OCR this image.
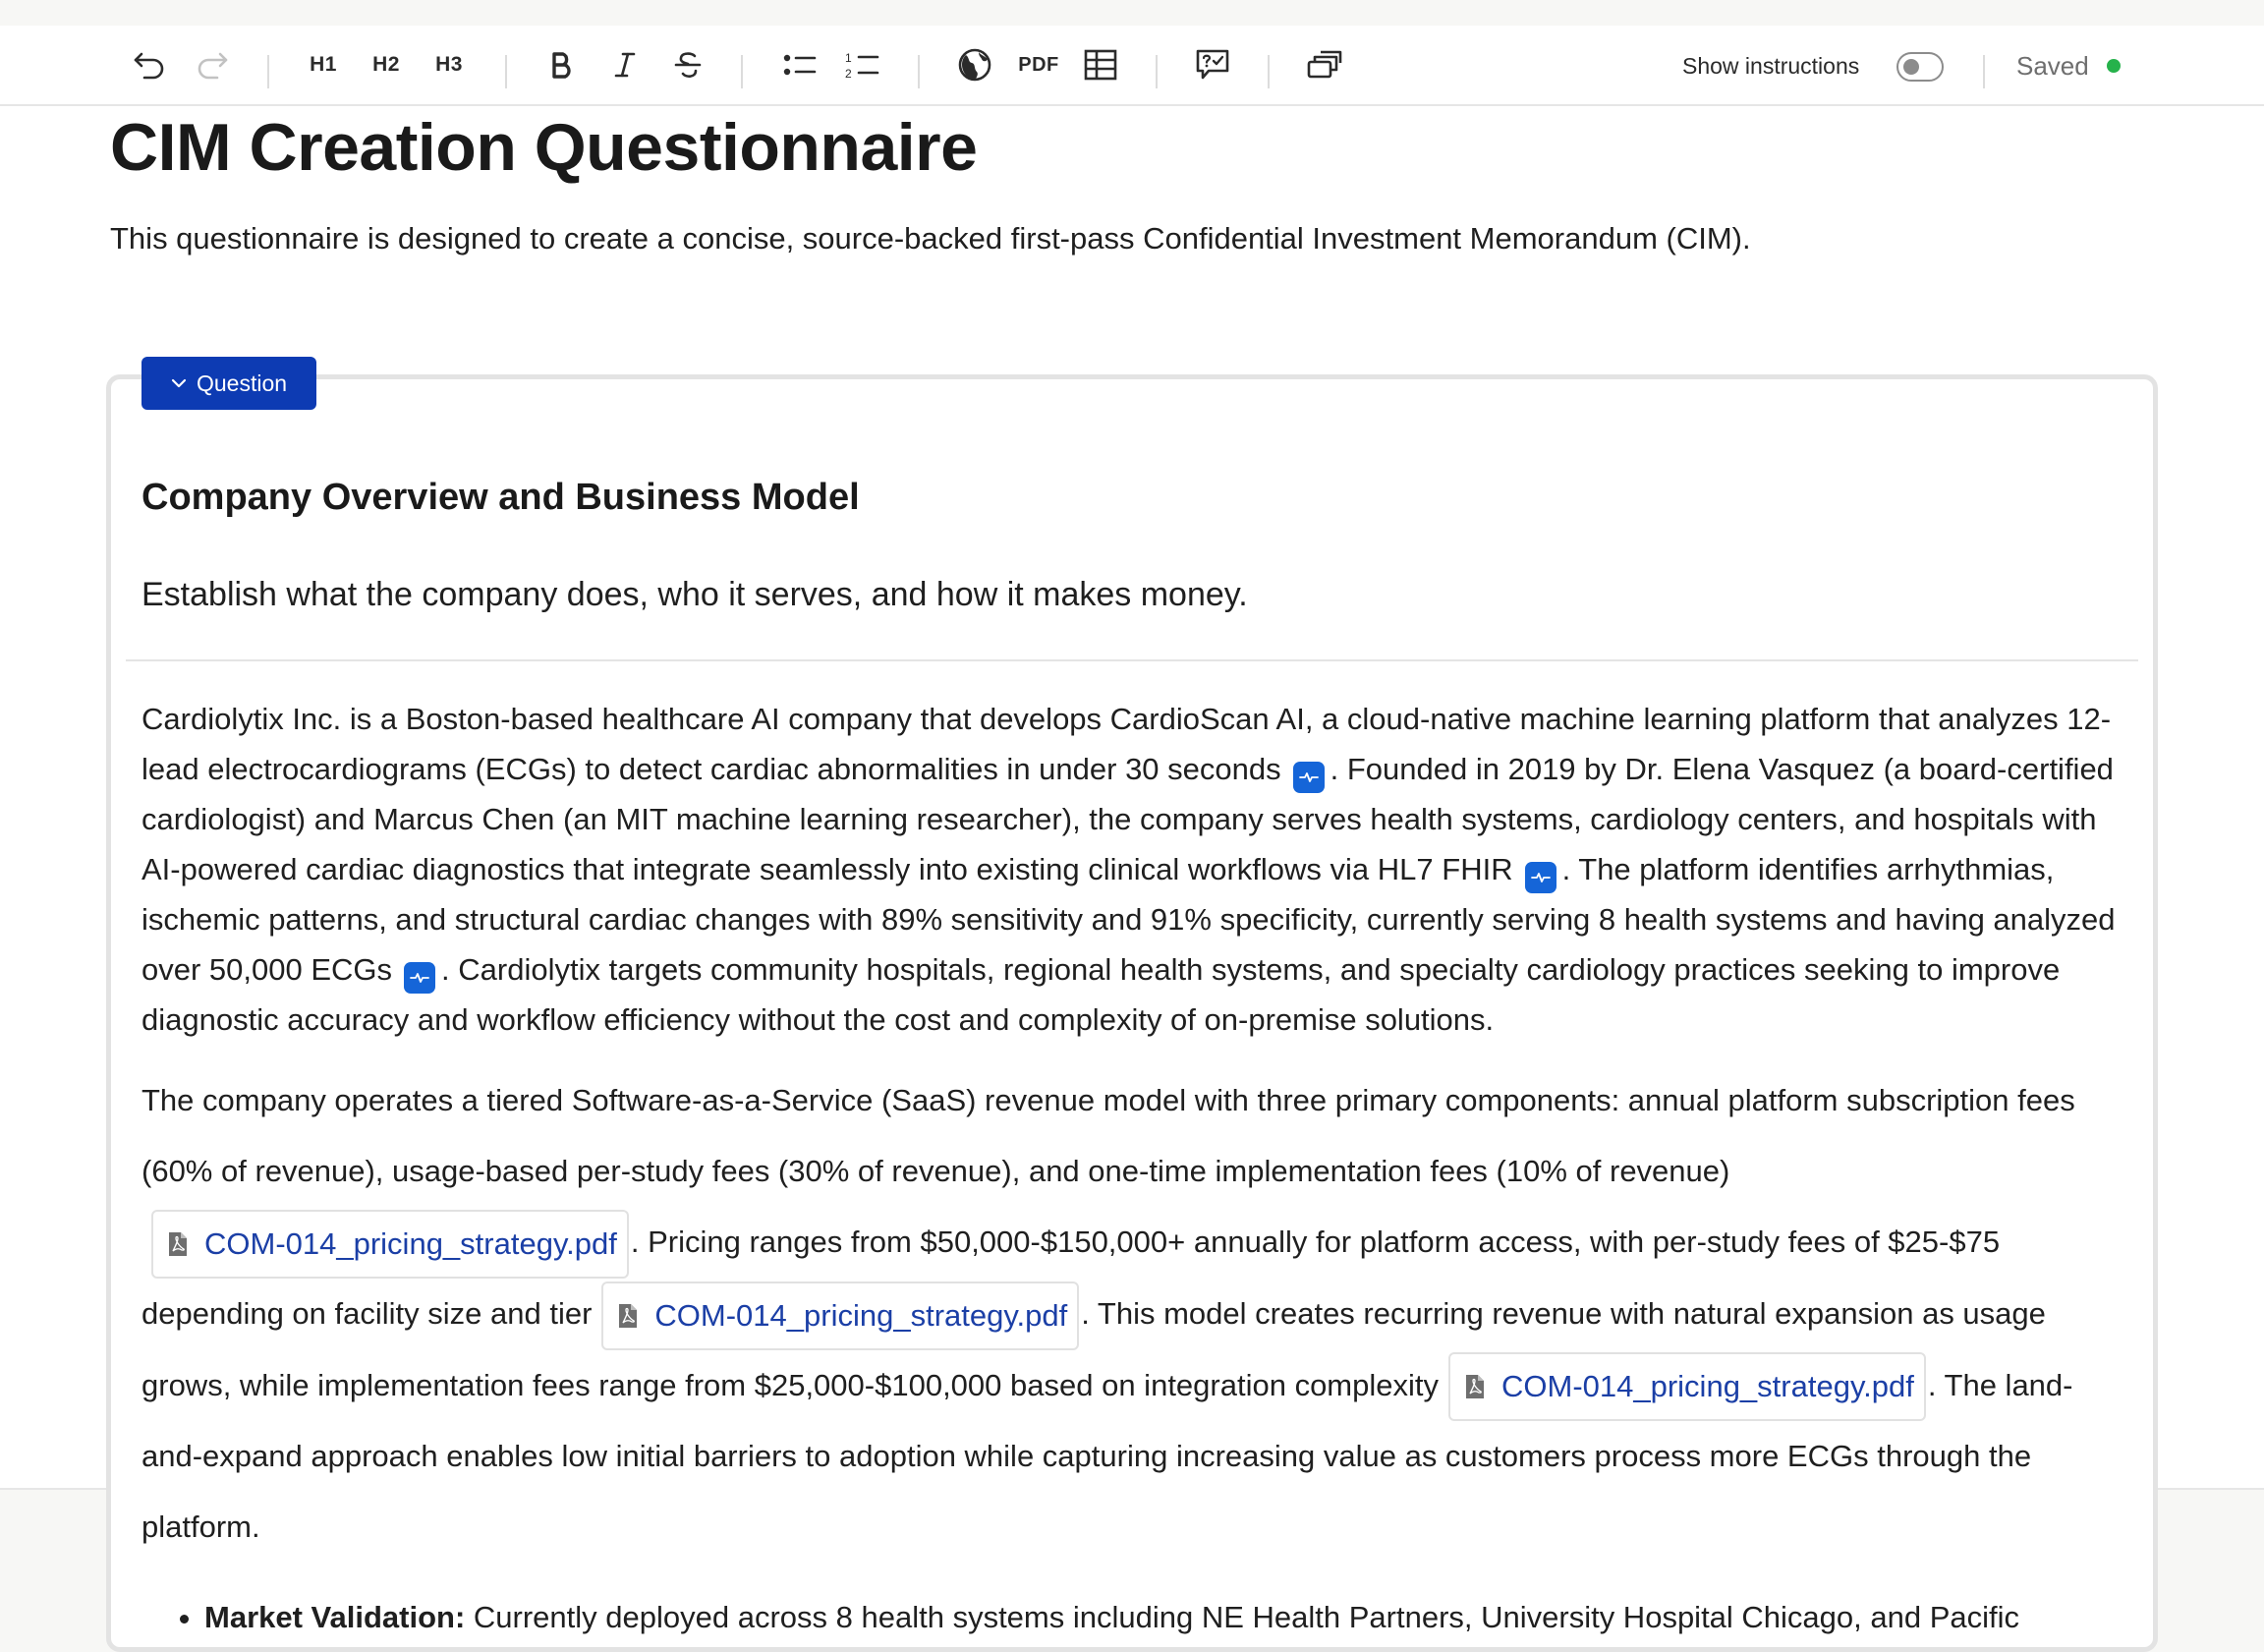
H1	H2	H3	1
2	PDF	Show instructions	Saved
CIM Creation Questionnaire

This questionnaire is designed to create a concise, source-backed first-pass Confidential Investment Memorandum (CIM).

Question
Company Overview and Business Model

Establish what the company does, who it serves, and how it makes money.

Cardiolytix Inc. is a Boston-based healthcare AI company that develops CardioScan AI, a cloud-native machine learning platform that analyzes 12-lead electrocardiograms (ECGs) to detect cardiac abnormalities in under 30 seconds . Founded in 2019 by Dr. Elena Vasquez (a board-certified cardiologist) and Marcus Chen (an MIT machine learning researcher), the company serves health systems, cardiology centers, and hospitals with AI-powered cardiac diagnostics that integrate seamlessly into existing clinical workflows via HL7 FHIR . The platform identifies arrhythmias, ischemic patterns, and structural cardiac changes with 89% sensitivity and 91% specificity, currently serving 8 health systems and having analyzed over 50,000 ECGs . Cardiolytix targets community hospitals, regional health systems, and specialty cardiology practices seeking to improve diagnostic accuracy and workflow efficiency without the cost and complexity of on-premise solutions.

The company operates a tiered Software-as-a-Service (SaaS) revenue model with three primary components: annual platform subscription fees (60% of revenue), usage-based per-study fees (30% of revenue), and one-time implementation fees (10% of revenue)
COM-014_pricing_strategy.pdf . Pricing ranges from $50,000-$150,000+ annually for platform access, with per-study fees of $25-$75 depending on facility size and tier COM-014_pricing_strategy.pdf . This model creates recurring revenue with natural expansion as usage grows, while implementation fees range from $25,000-$100,000 based on integration complexity COM-014_pricing_strategy.pdf . The land-and-expand approach enables low initial barriers to adoption while capturing increasing value as customers process more ECGs through the platform.

• Market Validation: Currently deployed across 8 health systems including NE Health Partners, University Hospital Chicago, and Pacific
